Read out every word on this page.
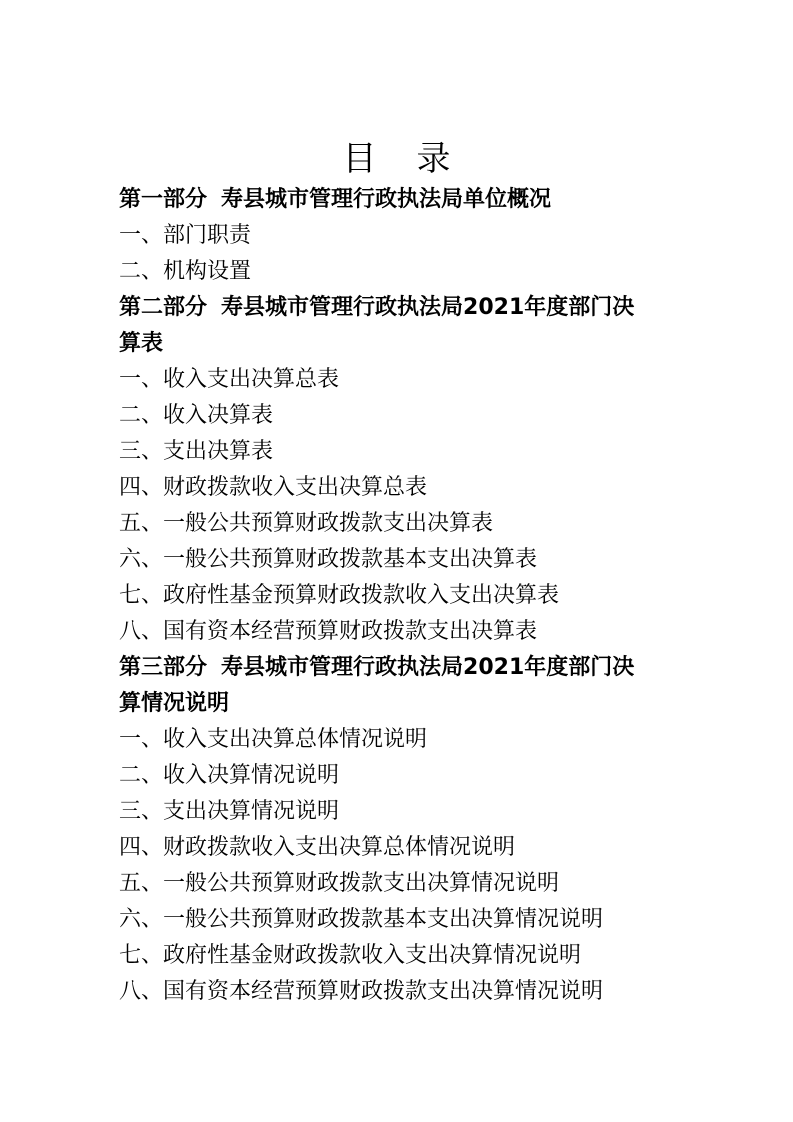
目 录
第一部分 寿县城市管理行政执法局单位概况
一、部门职责
二、机构设置
第二部分 寿县城市管理行政执法局2021年度部门决
算表
一、收入支出决算总表
二、收入决算表
三、支出决算表
四、财政拨款收入支出决算总表
五、一般公共预算财政拨款支出决算表
六、一般公共预算财政拨款基本支出决算表
七、政府性基金预算财政拨款收入支出决算表
八、国有资本经营预算财政拨款支出决算表
第三部分 寿县城市管理行政执法局2021年度部门决
算情况说明
一、收入支出决算总体情况说明
二、收入决算情况说明
三、支出决算情况说明
四、财政拨款收入支出决算总体情况说明
五、一般公共预算财政拨款支出决算情况说明
六、一般公共预算财政拨款基本支出决算情况说明
七、政府性基金财政拨款收入支出决算情况说明
八、国有资本经营预算财政拨款支出决算情况说明
